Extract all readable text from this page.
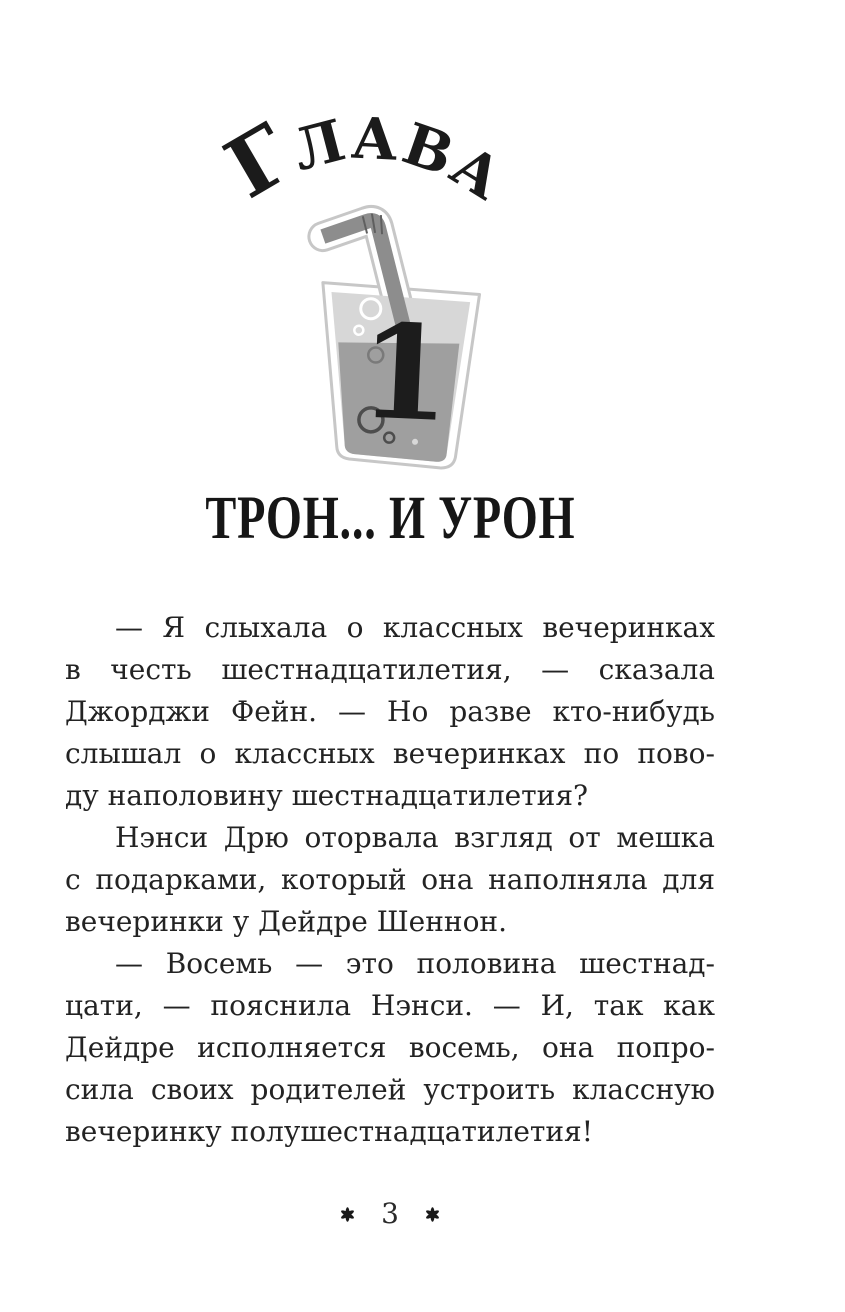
Глава
1
ТРОН... И УРОН
— Я слыхала о классных вечеринках
в честь шестнадцатилетия, — сказала
Джорджи Фейн. — Но разве кто-нибудь
слышал о классных вечеринках по пово-
ду наполовину шестнадцатилетия?
Нэнси Дрю оторвала взгляд от мешка
с подарками, который она наполняла для
вечеринки у Дейдре Шеннон.
— Восемь — это половина шестнад-
цати, — пояснила Нэнси. — И, так как
Дейдре исполняется восемь, она попро-
сила своих родителей устроить классную
вечеринку полушестнадцатилетия!
3
